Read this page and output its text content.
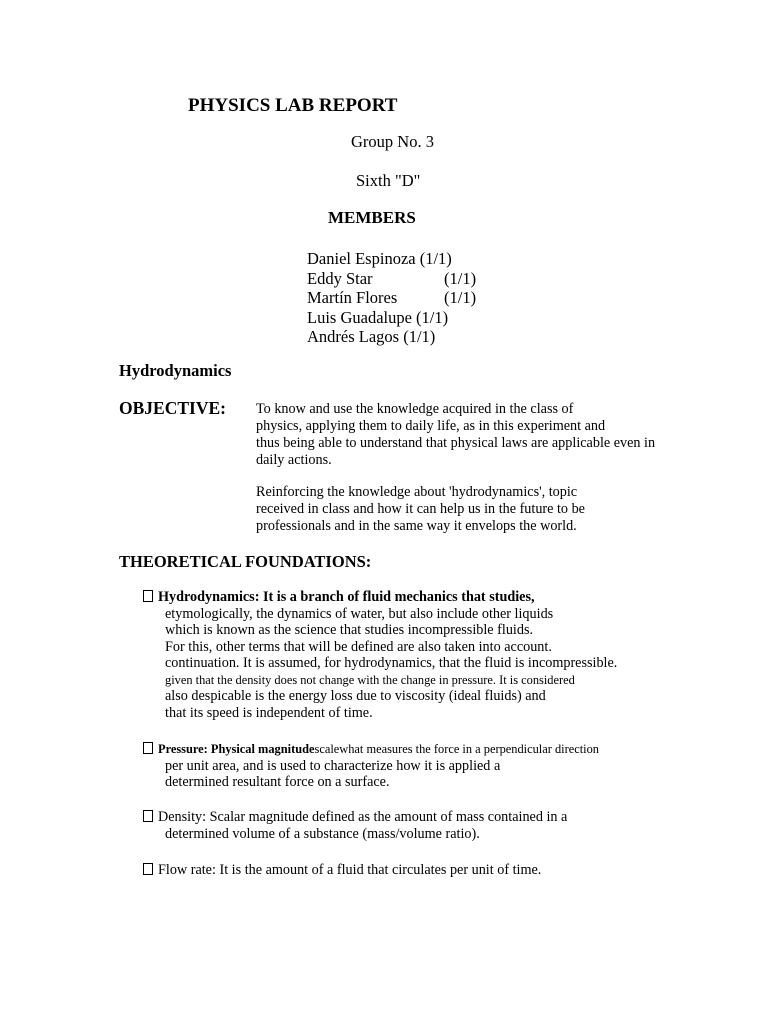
PHYSICS LAB REPORT
Group No. 3
Sixth "D"
MEMBERS
Daniel Espinoza (1/1)
Eddy Star	(1/1)
Martín Flores	(1/1)
Luis Guadalupe (1/1)
Andrés Lagos (1/1)
Hydrodynamics
OBJECTIVE: To know and use the knowledge acquired in the class of
physics, applying them to daily life, as in this experiment and
thus being able to understand that physical laws are applicable even in
daily actions.
Reinforcing the knowledge about 'hydrodynamics', topic
received in class and how it can help us in the future to be
professionals and in the same way it envelops the world.
THEORETICAL FOUNDATIONS:
Hydrodynamics: It is a branch of fluid mechanics that studies,
etymologically, the dynamics of water, but also include other liquids
which is known as the science that studies incompressible fluids.
For this, other terms that will be defined are also taken into account.
continuation. It is assumed, for hydrodynamics, that the fluid is incompressible.
given that the density does not change with the change in pressure. It is considered
also despicable is the energy loss due to viscosity (ideal fluids) and
that its speed is independent of time.
Pressure: Physical magnitudescalewhat measures the force in a perpendicular direction
per unit area, and is used to characterize how it is applied a
determined resultant force on a surface.
Density: Scalar magnitude defined as the amount of mass contained in a
determined volume of a substance (mass/volume ratio).
Flow rate: It is the amount of a fluid that circulates per unit of time.
